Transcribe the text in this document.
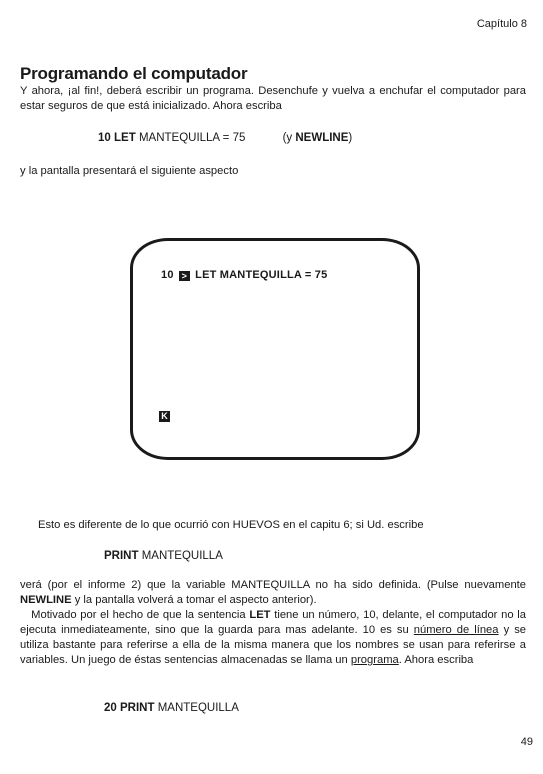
Capítulo 8
Programando el computador
Y ahora, ¡al fin!, deberá escribir un programa. Desenchufe y vuelva a enchufar el computador para estar seguros de que está inicializado. Ahora escriba
10 LET MANTEQUILLA = 75	(y NEWLINE)
y la pantalla presentará el siguiente aspecto
10 > LET MANTEQUILLA = 75
K
Esto es diferente de lo que ocurrió con HUEVOS en el capitu 6; si Ud. escribe
PRINT MANTEQUILLA
verá (por el informe 2) que la variable MANTEQUILLA no ha sido definida. (Pulse nuevamente NEWLINE y la pantalla volverá a tomar el aspecto anterior).
Motivado por el hecho de que la sentencia LET tiene un número, 10, delante, el computador no la ejecuta inmediateamente, sino que la guarda para mas adelante. 10 es su número de línea y se utiliza bastante para referirse a ella de la misma manera que los nombres se usan para referirse a variables. Un juego de éstas sentencias almacenadas se llama un programa. Ahora escriba
20 PRINT MANTEQUILLA
49
